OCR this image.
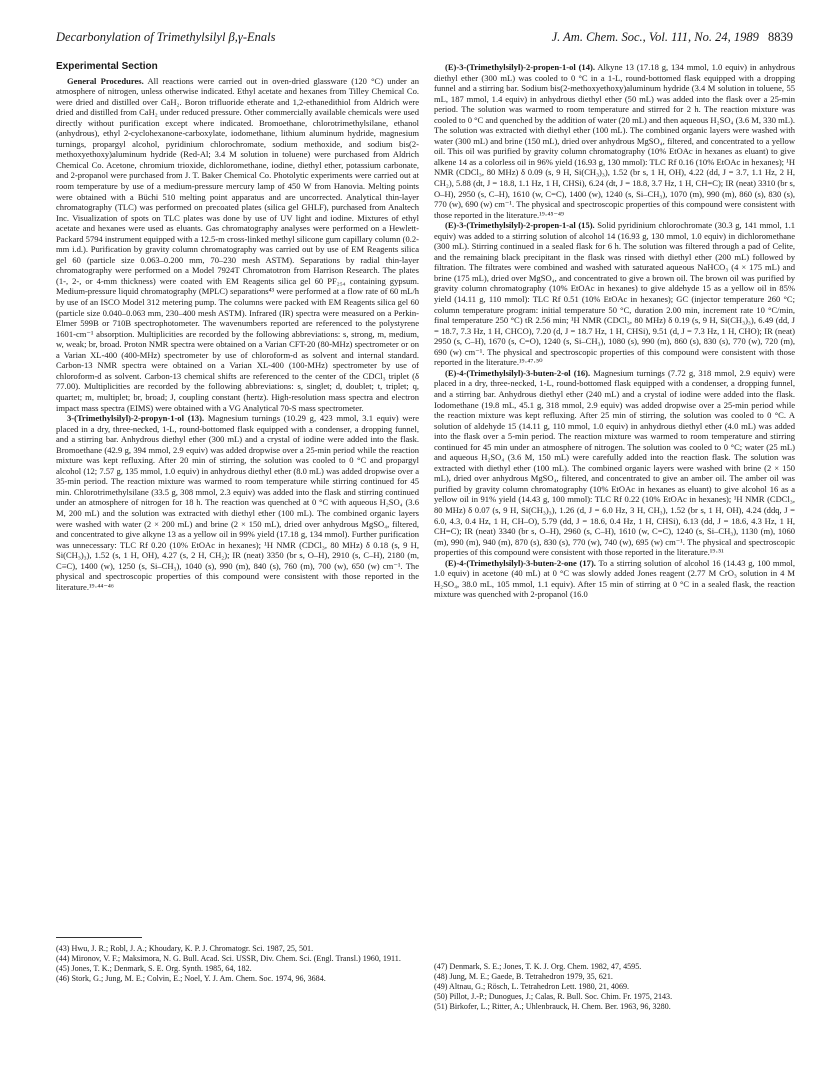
Decarbonylation of Trimethylsilyl β,γ-Enals	J. Am. Chem. Soc., Vol. 111, No. 24, 1989 8839
Experimental Section

General Procedures. All reactions were carried out in oven-dried glassware (120 °C) under an atmosphere of nitrogen, unless otherwise indicated. Ethyl acetate and hexanes from Tilley Chemical Co. were dried and distilled over CaH₂. Boron trifluoride etherate and 1,2-ethanedithiol from Aldrich were dried and distilled from CaH₂ under reduced pressure. Other commercially available chemicals were used directly without purification except where indicated. Bromoethane, chlorotrimethylsilane, ethanol (anhydrous), ethyl 2-cyclohexanone-carboxylate, iodomethane, lithium aluminum hydride, magnesium turnings, propargyl alcohol, pyridinium chlorochromate, sodium methoxide, and sodium bis(2-methoxyethoxy)aluminum hydride (Red-Al; 3.4 M solution in toluene) were purchased from Aldrich Chemical Co. Acetone, chromium trioxide, dichloromethane, iodine, diethyl ether, potassium carbonate, and 2-propanol were purchased from J. T. Baker Chemical Co. Photolytic experiments were carried out at room temperature by use of a medium-pressure mercury lamp of 450 W from Hanovia. Melting points were obtained with a Büchi 510 melting point apparatus and are uncorrected. Analytical thin-layer chromatography (TLC) was performed on precoated plates (silica gel GHLF), purchased from Analtech Inc. Visualization of spots on TLC plates was done by use of UV light and iodine. Mixtures of ethyl acetate and hexanes were used as eluants. Gas chromatography analyses were performed on a Hewlett-Packard 5794 instrument equipped with a 12.5-m cross-linked methyl silicone gum capillary column (0.2-mm i.d.). Purification by gravity column chromatography was carried out by use of EM Reagents silica gel 60 (particle size 0.063–0.200 mm, 70–230 mesh ASTM). Separations by radial thin-layer chromatography were performed on a Model 7924T Chromatotron from Harrison Research. The plates (1-, 2-, or 4-mm thickness) were coated with EM Reagents silica gel 60 PF₂₅₄ containing gypsum. Medium-pressure liquid chromatography (MPLC) separations⁴³ were performed at a flow rate of 60 mL/h by use of an ISCO Model 312 metering pump. The columns were packed with EM Reagents silica gel 60 (particle size 0.040–0.063 mm, 230–400 mesh ASTM). Infrared (IR) spectra were measured on a Perkin-Elmer 599B or 710B spectrophotometer. The wavenumbers reported are referenced to the polystyrene 1601-cm⁻¹ absorption. Multiplicities are recorded by the following abbreviations: s, strong, m, medium, w, weak; br, broad. Proton NMR spectra were obtained on a Varian CFT-20 (80-MHz) spectrometer or on a Varian XL-400 (400-MHz) spectrometer by use of chloroform-d as solvent and internal standard. Carbon-13 NMR spectra were obtained on a Varian XL-400 (100-MHz) spectrometer by use of chloroform-d as solvent. Carbon-13 chemical shifts are referenced to the center of the CDCl₃ triplet (δ 77.00). Multiplicities are recorded by the following abbreviations: s, singlet; d, doublet; t, triplet; q, quartet; m, multiplet; br, broad; J, coupling constant (hertz). High-resolution mass spectra and electron impact mass spectra (EIMS) were obtained with a VG Analytical 70-S mass spectrometer.

3-(Trimethylsilyl)-2-propyn-1-ol (13). Magnesium turnings (10.29 g, 423 mmol, 3.1 equiv) were placed in a dry, three-necked, 1-L, round-bottomed flask equipped with a condenser, a dropping funnel, and a stirring bar. Anhydrous diethyl ether (300 mL) and a crystal of iodine were added into the flask. Bromoethane (42.9 g, 394 mmol, 2.9 equiv) was added dropwise over a 25-min period while the reaction mixture was kept refluxing. After 20 min of stirring, the solution was cooled to 0 °C and propargyl alcohol (12; 7.57 g, 135 mmol, 1.0 equiv) in anhydrous diethyl ether (8.0 mL) was added dropwise over a 35-min period. The reaction mixture was warmed to room temperature while stirring continued for 45 min. Chlorotrimethylsilane (33.5 g, 308 mmol, 2.3 equiv) was added into the flask and stirring continued under an atmosphere of nitrogen for 18 h. The reaction was quenched at 0 °C with aqueous H₂SO₄ (3.6 M, 200 mL) and the solution was extracted with diethyl ether (100 mL). The combined organic layers were washed with water (2 × 200 mL) and brine (2 × 150 mL), dried over anhydrous MgSO₄, filtered, and concentrated to give alkyne 13 as a yellow oil in 99% yield (17.18 g, 134 mmol). Further purification was unnecessary: TLC Rf 0.20 (10% EtOAc in hexanes); ¹H NMR (CDCl₃, 80 MHz) δ 0.18 (s, 9 H, Si(CH₃)₃), 1.52 (s, 1 H, OH), 4.27 (s, 2 H, CH₂); IR (neat) 3350 (br s, O–H), 2910 (s, C–H), 2180 (m, C≡C), 1400 (w), 1250 (s, Si–CH₃), 1040 (s), 990 (m), 840 (s), 760 (m), 700 (w), 650 (w) cm⁻¹. The physical and spectroscopic properties of this compound were consistent with those reported in the literature.¹⁹·⁴⁴⁻⁴⁶

(E)-3-(Trimethylsilyl)-2-propen-1-ol (14). Alkyne 13 (17.18 g, 134 mmol, 1.0 equiv) in anhydrous diethyl ether (300 mL) was cooled to 0 °C in a 1-L, round-bottomed flask equipped with a dropping funnel and a stirring bar. Sodium bis(2-methoxyethoxy)aluminum hydride (3.4 M solution in toluene, 55 mL, 187 mmol, 1.4 equiv) in anhydrous diethyl ether (50 mL) was added into the flask over a 25-min period. The solution was warmed to room temperature and stirred for 2 h. The reaction mixture was cooled to 0 °C and quenched by the addition of water (20 mL) and then aqueous H₂SO₄ (3.6 M, 330 mL). The solution was extracted with diethyl ether (100 mL). The combined organic layers were washed with water (300 mL) and brine (150 mL), dried over anhydrous MgSO₄, filtered, and concentrated to a yellow oil. This oil was purified by gravity column chromatography (10% EtOAc in hexanes as eluant) to give alkene 14 as a colorless oil in 96% yield (16.93 g, 130 mmol): TLC Rf 0.16 (10% EtOAc in hexanes); ¹H NMR (CDCl₃, 80 MHz) δ 0.09 (s, 9 H, Si(CH₃)₃), 1.52 (br s, 1 H, OH), 4.22 (dd, J = 3.7, 1.1 Hz, 2 H, CH₂), 5.88 (dt, J = 18.8, 1.1 Hz, 1 H, CHSi), 6.24 (dt, J = 18.8, 3.7 Hz, 1 H, CH=C); IR (neat) 3310 (br s, O–H), 2950 (s, C–H), 1610 (w, C=C), 1400 (w), 1240 (s, Si–CH₃), 1070 (m), 990 (m), 860 (s), 830 (s), 770 (w), 690 (w) cm⁻¹. The physical and spectroscopic properties of this compound were consistent with those reported in the literature.¹⁹·⁴⁵⁻⁴⁹

(E)-3-(Trimethylsilyl)-2-propen-1-al (15). Solid pyridinium chlorochromate (30.3 g, 141 mmol, 1.1 equiv) was added to a stirring solution of alcohol 14 (16.93 g, 130 mmol, 1.0 equiv) in dichloromethane (300 mL). Stirring continued in a sealed flask for 6 h. The solution was filtered through a pad of Celite, and the remaining black precipitant in the flask was rinsed with diethyl ether (200 mL) followed by filtration. The filtrates were combined and washed with saturated aqueous NaHCO₃ (4 × 175 mL) and brine (175 mL), dried over MgSO₄, and concentrated to give a brown oil. The brown oil was purified by gravity column chromatography (10% EtOAc in hexanes) to give aldehyde 15 as a yellow oil in 85% yield (14.11 g, 110 mmol): TLC Rf 0.51 (10% EtOAc in hexanes); GC (injector temperature 260 °C; column temperature program: initial temperature 50 °C, duration 2.00 min, increment rate 10 °C/min, final temperature 250 °C) tR 2.56 min; ¹H NMR (CDCl₃, 80 MHz) δ 0.19 (s, 9 H, Si(CH₃)₃), 6.49 (dd, J = 18.7, 7.3 Hz, 1 H, CHCO), 7.20 (d, J = 18.7 Hz, 1 H, CHSi), 9.51 (d, J = 7.3 Hz, 1 H, CHO); IR (neat) 2950 (s, C–H), 1670 (s, C=O), 1240 (s, Si–CH₃), 1080 (s), 990 (m), 860 (s), 830 (s), 770 (w), 720 (m), 690 (w) cm⁻¹. The physical and spectroscopic properties of this compound were consistent with those reported in the literature.¹⁹·⁴⁷·⁵⁰

(E)-4-(Trimethylsilyl)-3-buten-2-ol (16). Magnesium turnings (7.72 g, 318 mmol, 2.9 equiv) were placed in a dry, three-necked, 1-L, round-bottomed flask equipped with a condenser, a dropping funnel, and a stirring bar. Anhydrous diethyl ether (240 mL) and a crystal of iodine were added into the flask. Iodomethane (19.8 mL, 45.1 g, 318 mmol, 2.9 equiv) was added dropwise over a 25-min period while the reaction mixture was kept refluxing. After 25 min of stirring, the solution was cooled to 0 °C. A solution of aldehyde 15 (14.11 g, 110 mmol, 1.0 equiv) in anhydrous diethyl ether (4.0 mL) was added into the flask over a 5-min period. The reaction mixture was warmed to room temperature and stirring continued for 45 min under an atmosphere of nitrogen. The solution was cooled to 0 °C; water (25 mL) and aqueous H₂SO₄ (3.6 M, 150 mL) were carefully added into the reaction flask. The solution was extracted with diethyl ether (100 mL). The combined organic layers were washed with brine (2 × 150 mL), dried over anhydrous MgSO₄, filtered, and concentrated to give an amber oil. The amber oil was purified by gravity column chromatography (10% EtOAc in hexanes as eluant) to give alcohol 16 as a yellow oil in 91% yield (14.43 g, 100 mmol): TLC Rf 0.22 (10% EtOAc in hexanes); ¹H NMR (CDCl₃, 80 MHz) δ 0.07 (s, 9 H, Si(CH₃)₃), 1.26 (d, J = 6.0 Hz, 3 H, CH₃), 1.52 (br s, 1 H, OH), 4.24 (ddq, J = 6.0, 4.3, 0.4 Hz, 1 H, CH–O), 5.79 (dd, J = 18.6, 0.4 Hz, 1 H, CHSi), 6.13 (dd, J = 18.6, 4.3 Hz, 1 H, CH=C); IR (neat) 3340 (br s, O–H), 2960 (s, C–H), 1610 (w, C=C), 1240 (s, Si–CH₃), 1130 (m), 1060 (m), 990 (m), 940 (m), 870 (s), 830 (s), 770 (w), 740 (w), 695 (w) cm⁻¹. The physical and spectroscopic properties of this compound were consistent with those reported in the literature.¹⁹·⁵¹

(E)-4-(Trimethylsilyl)-3-buten-2-one (17). To a stirring solution of alcohol 16 (14.43 g, 100 mmol, 1.0 equiv) in acetone (40 mL) at 0 °C was slowly added Jones reagent (2.77 M CrO₃ solution in 4 M H₂SO₄, 38.0 mL, 105 mmol, 1.1 equiv). After 15 min of stirring at 0 °C in a sealed flask, the reaction mixture was quenched with 2-propanol (16.0

(43) Hwu, J. R.; Robl, J. A.; Khoudary, K. P. J. Chromatogr. Sci. 1987, 25, 501.
(44) Mironov, V. F.; Maksimora, N. G. Bull. Acad. Sci. USSR, Div. Chem. Sci. (Engl. Transl.) 1960, 1911.
(45) Jones, T. K.; Denmark, S. E. Org. Synth. 1985, 64, 182.
(46) Stork, G.; Jung, M. E.; Colvin, E.; Noel, Y. J. Am. Chem. Soc. 1974, 96, 3684.
(47) Denmark, S. E.; Jones, T. K. J. Org. Chem. 1982, 47, 4595.
(48) Jung, M. E.; Gaede, B. Tetrahedron 1979, 35, 621.
(49) Altnau, G.; Rösch, L. Tetrahedron Lett. 1980, 21, 4069.
(50) Pillot, J.-P.; Dunogues, J.; Calas, R. Bull. Soc. Chim. Fr. 1975, 2143.
(51) Birkofer, L.; Ritter, A.; Uhlenbrauck, H. Chem. Ber. 1963, 96, 3280.
